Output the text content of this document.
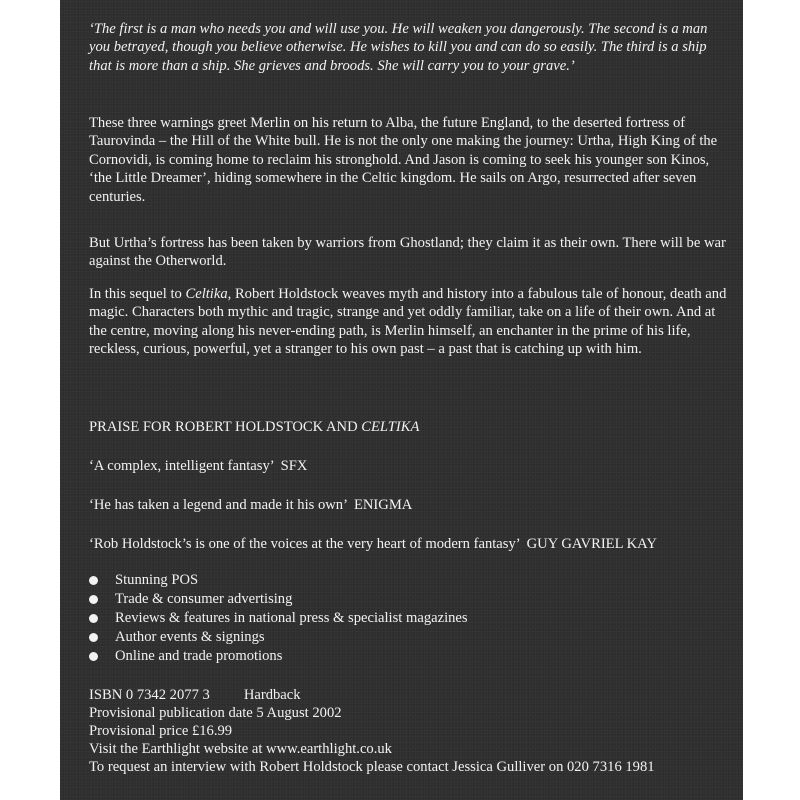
‘The first is a man who needs you and will use you. He will weaken you dangerously. The second is a man you betrayed, though you believe otherwise. He wishes to kill you and can do so easily. The third is a ship that is more than a ship. She grieves and broods. She will carry you to your grave.’

These three warnings greet Merlin on his return to Alba, the future England, to the deserted fortress of Taurovinda – the Hill of the White bull. He is not the only one making the journey: Urtha, High King of the Cornovidi, is coming home to reclaim his stronghold. And Jason is coming to seek his younger son Kinos, ‘the Little Dreamer’, hiding somewhere in the Celtic kingdom. He sails on Argo, resurrected after seven centuries.

But Urtha’s fortress has been taken by warriors from Ghostland; they claim it as their own. There will be war against the Otherworld.

In this sequel to Celtika, Robert Holdstock weaves myth and history into a fabulous tale of honour, death and magic. Characters both mythic and tragic, strange and yet oddly familiar, take on a life of their own. And at the centre, moving along his never-ending path, is Merlin himself, an enchanter in the prime of his life, reckless, curious, powerful, yet a stranger to his own past – a past that is catching up with him.

PRAISE FOR ROBERT HOLDSTOCK AND CELTIKA

‘A complex, intelligent fantasy’ SFX

‘He has taken a legend and made it his own’ ENIGMA

‘Rob Holdstock’s is one of the voices at the very heart of modern fantasy’ GUY GAVRIEL KAY

Stunning POS
Trade & consumer advertising
Reviews & features in national press & specialist magazines
Author events & signings
Online and trade promotions
ISBN 0 7342 2077 3 Hardback
Provisional publication date 5 August 2002
Provisional price £16.99
Visit the Earthlight website at www.earthlight.co.uk
To request an interview with Robert Holdstock please contact Jessica Gulliver on 020 7316 1981
